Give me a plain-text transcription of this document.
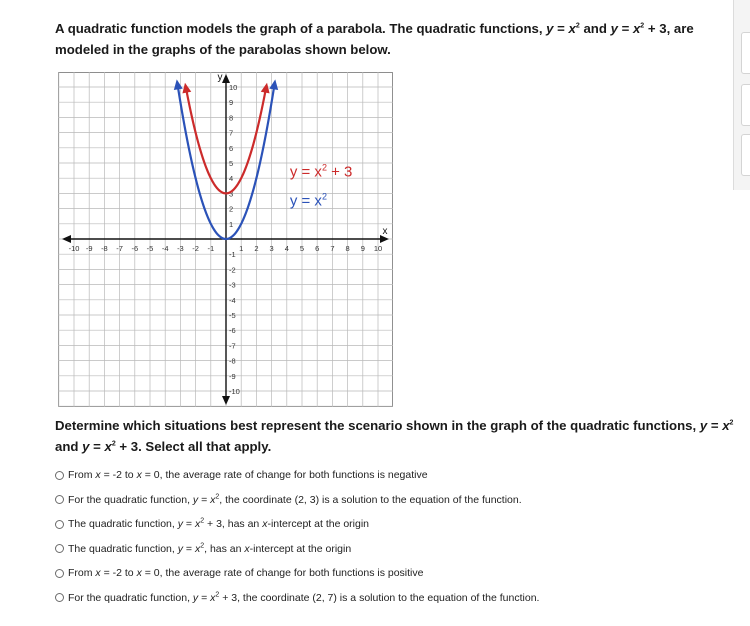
A quadratic function models the graph of a parabola. The quadratic functions, $y = x^2$ and $y = x^2 + 3$, are modeled in the graphs of the parabolas shown below.

x
y
-10 -9 -8 -7 -6 -5 -4 -3 -2 -1	1 2 3 4 5 6 7 8 9 10
10
9
8
7
6
5
4
3
2
1
-1
-2
-3
-4
-5
-6
-7
-8
-9
-10
$y = x^2 + 3$
$y = x^2$

Determine which situations best represent the scenario shown in the graph of the quadratic functions, $y = x^2$ and $y = x^2 + 3$. Select all that apply.

From x = -2 to x = 0, the average rate of change for both functions is negative
For the quadratic function, $y = x^2$, the coordinate (2, 3) is a solution to the equation of the function.
The quadratic function, $y = x^2 + 3$, has an x-intercept at the origin
The quadratic function, $y = x^2$, has an x-intercept at the origin
From x = -2 to x = 0, the average rate of change for both functions is positive
For the quadratic function, $y = x^2 + 3$, the coordinate (2, 7) is a solution to the equation of the function.
